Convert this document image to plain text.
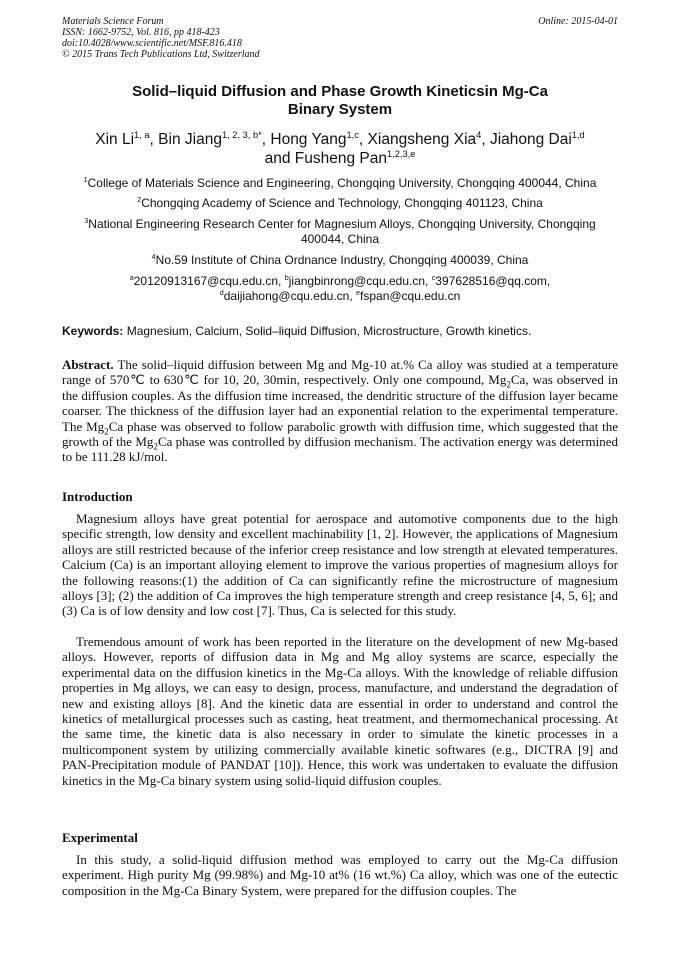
Materials Science Forum
ISSN: 1662-9752, Vol. 816, pp 418-423
doi:10.4028/www.scientific.net/MSF.816.418
© 2015 Trans Tech Publications Ltd, Switzerland
Online: 2015-04-01
Solid–liquid Diffusion and Phase Growth Kineticsin Mg-Ca
Binary System
Xin Li$^{1, a}$, Bin Jiang$^{1, 2, 3, b*}$, Hong Yang$^{1,c}$, Xiangsheng Xia$^4$, Jiahong Dai$^{1,d}$
and Fusheng Pan$^{1,2,3,e}$
$^1$College of Materials Science and Engineering, Chongqing University, Chongqing 400044, China
$^2$Chongqing Academy of Science and Technology, Chongqing 401123, China
$^3$National Engineering Research Center for Magnesium Alloys, Chongqing University, Chongqing
400044, China
$^4$No.59 Institute of China Ordnance Industry, Chongqing 400039, China
$^a$20120913167@cqu.edu.cn, $^b$jiangbinrong@cqu.edu.cn, $^c$397628516@qq.com,
$^d$daijiahong@cqu.edu.cn, $^e$fspan@cqu.edu.cn
Keywords: Magnesium, Calcium, Solid–liquid Diffusion, Microstructure, Growth kinetics.
Abstract. The solid–liquid diffusion between Mg and Mg-10 at.% Ca alloy was studied at a temperature range of 570℃ to 630℃ for 10, 20, 30min, respectively. Only one compound, $Mg_2Ca$, was observed in the diffusion couples. As the diffusion time increased, the dendritic structure of the diffusion layer became coarser. The thickness of the diffusion layer had an exponential relation to the experimental temperature. The $Mg_2Ca$ phase was observed to follow parabolic growth with diffusion time, which suggested that the growth of the $Mg_2Ca$ phase was controlled by diffusion mechanism. The activation energy was determined to be 111.28 kJ/mol.
Introduction
Magnesium alloys have great potential for aerospace and automotive components due to the high specific strength, low density and excellent machinability [1, 2]. However, the applications of Magnesium alloys are still restricted because of the inferior creep resistance and low strength at elevated temperatures. Calcium (Ca) is an important alloying element to improve the various properties of magnesium alloys for the following reasons:(1) the addition of Ca can significantly refine the microstructure of magnesium alloys [3]; (2) the addition of Ca improves the high temperature strength and creep resistance [4, 5, 6]; and (3) Ca is of low density and low cost [7]. Thus, Ca is selected for this study.
Tremendous amount of work has been reported in the literature on the development of new Mg-based alloys. However, reports of diffusion data in Mg and Mg alloy systems are scarce, especially the experimental data on the diffusion kinetics in the Mg-Ca alloys. With the knowledge of reliable diffusion properties in Mg alloys, we can easy to design, process, manufacture, and understand the degradation of new and existing alloys [8]. And the kinetic data are essential in order to understand and control the kinetics of metallurgical processes such as casting, heat treatment, and thermomechanical processing. At the same time, the kinetic data is also necessary in order to simulate the kinetic processes in a multicomponent system by utilizing commercially available kinetic softwares (e.g., DICTRA [9] and PAN-Precipitation module of PANDAT [10]). Hence, this work was undertaken to evaluate the diffusion kinetics in the Mg-Ca binary system using solid-liquid diffusion couples.
Experimental
In this study, a solid-liquid diffusion method was employed to carry out the Mg-Ca diffusion experiment. High purity Mg (99.98%) and Mg-10 at% (16 wt.%) Ca alloy, which was one of the eutectic composition in the Mg-Ca Binary System, were prepared for the diffusion couples. The
